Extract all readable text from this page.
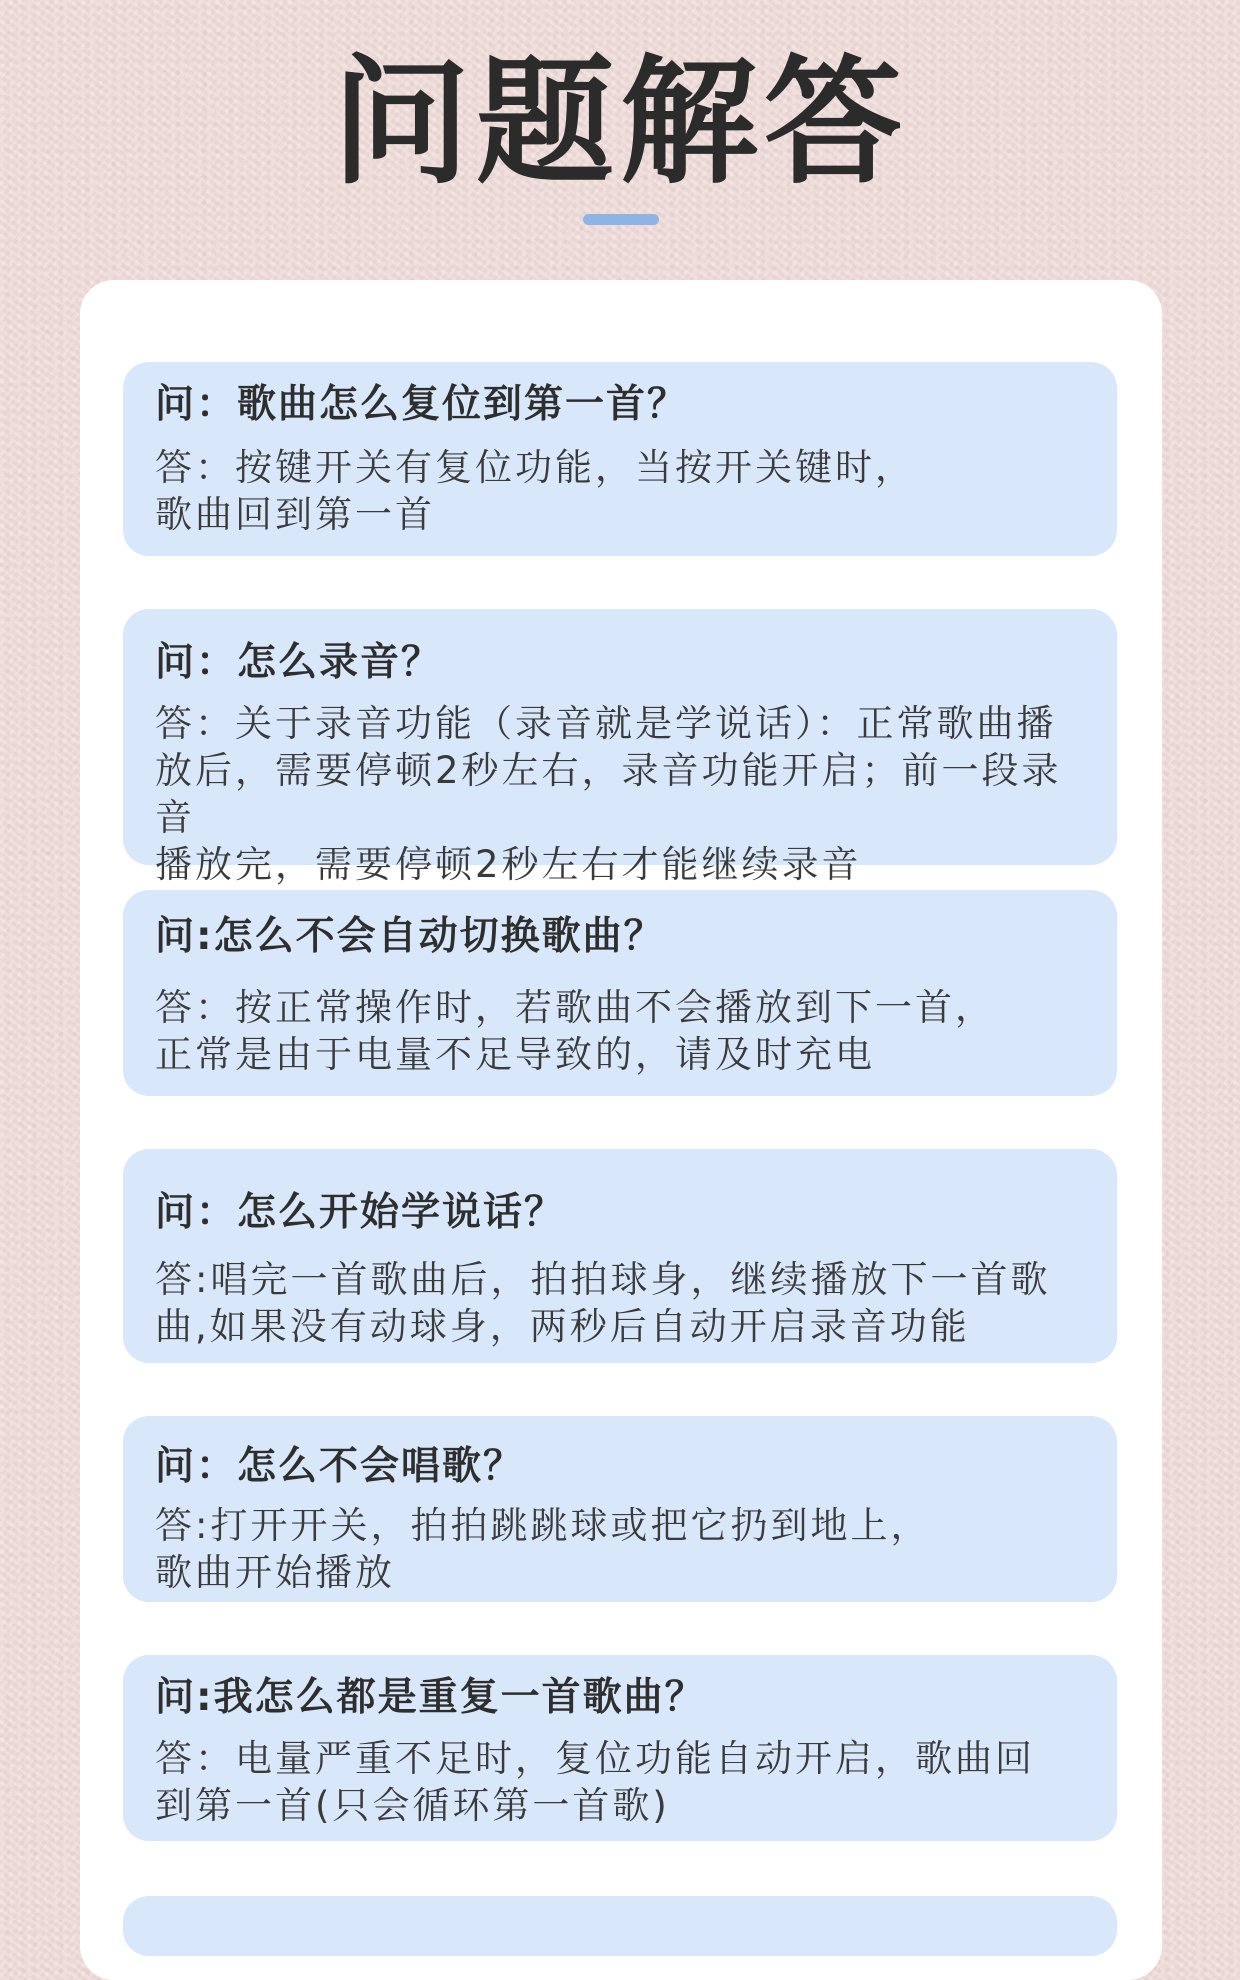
问题解答
问：歌曲怎么复位到第一首？
答：按键开关有复位功能，当按开关键时，
歌曲回到第一首
问：怎么录音？
答：关于录音功能（录音就是学说话）：正常歌曲播
放后，需要停顿2秒左右，录音功能开启；前一段录音
播放完，需要停顿2秒左右才能继续录音
问:怎么不会自动切换歌曲？
答：按正常操作时，若歌曲不会播放到下一首，
正常是由于电量不足导致的，请及时充电
问：怎么开始学说话？
答:唱完一首歌曲后，拍拍球身，继续播放下一首歌
曲,如果没有动球身，两秒后自动开启录音功能
问：怎么不会唱歌？
答:打开开关，拍拍跳跳球或把它扔到地上，
歌曲开始播放
问:我怎么都是重复一首歌曲？
答：电量严重不足时，复位功能自动开启，歌曲回
到第一首(只会循环第一首歌)
